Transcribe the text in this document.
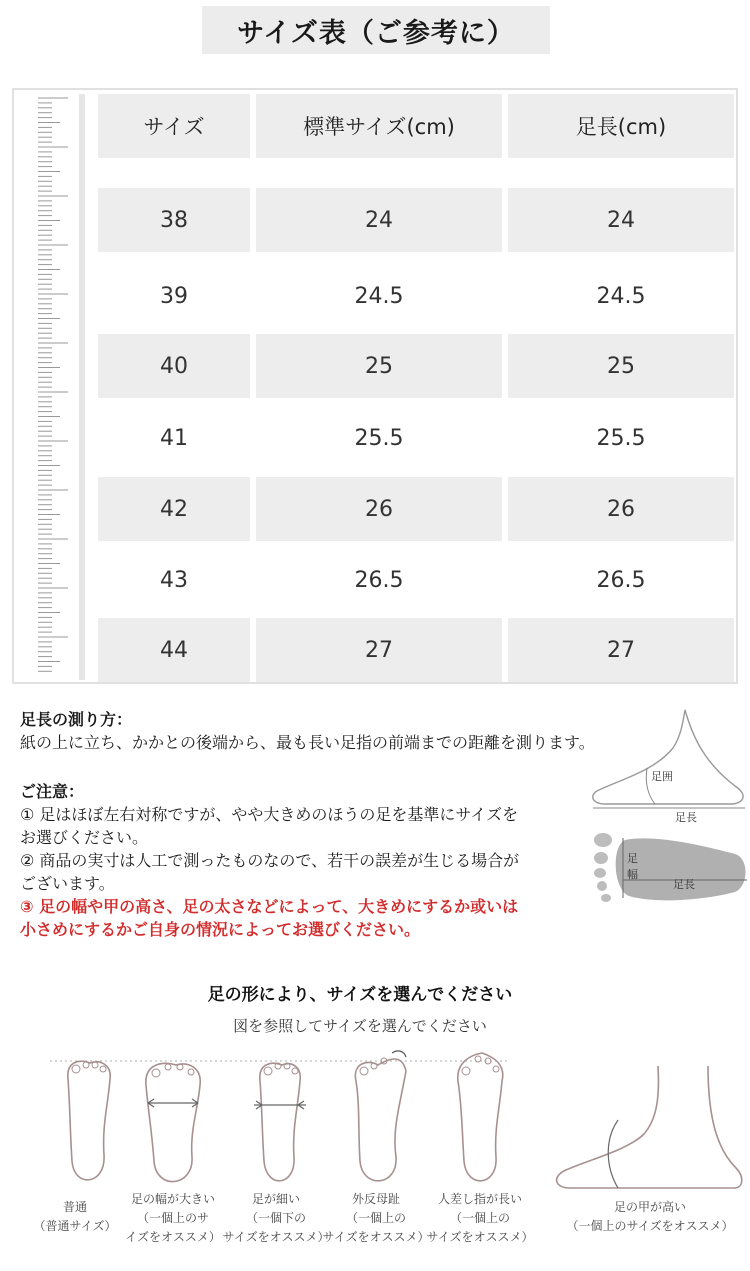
サイズ表（ご参考に）
サイズ	標準サイズ(cm)	足長(cm)
38	24	24
39	24.5	24.5
40	25	25
41	25.5	25.5
42	26	26
43	26.5	26.5
44	27	27
足長の測り方：
紙の上に立ち、かかとの後端から、最も長い足指の前端までの距離を測ります。
ご注意：
① 足はほぼ左右対称ですが、やや大きめのほうの足を基準にサイズを
お選びください。
② 商品の実寸は人工で測ったものなので、若干の誤差が生じる場合が
ございます。
③ 足の幅や甲の高さ、足の太さなどによって、大きめにするか或いは
小さめにするかご自身の情況によってお選びください。
足囲
足長
足
幅
足長
足の形により、サイズを選んでください
図を参照してサイズを選んでください
普通
（普通サイズ）
足の幅が大きい
（一個上のサ
イズをオススメ）
足が細い
（一個下の
サイズをオススメ）
外反母趾
（一個上の
サイズをオススメ）
人差し指が長い
（一個上の
サイズをオススメ）
足の甲が高い
（一個上のサイズをオススメ）
